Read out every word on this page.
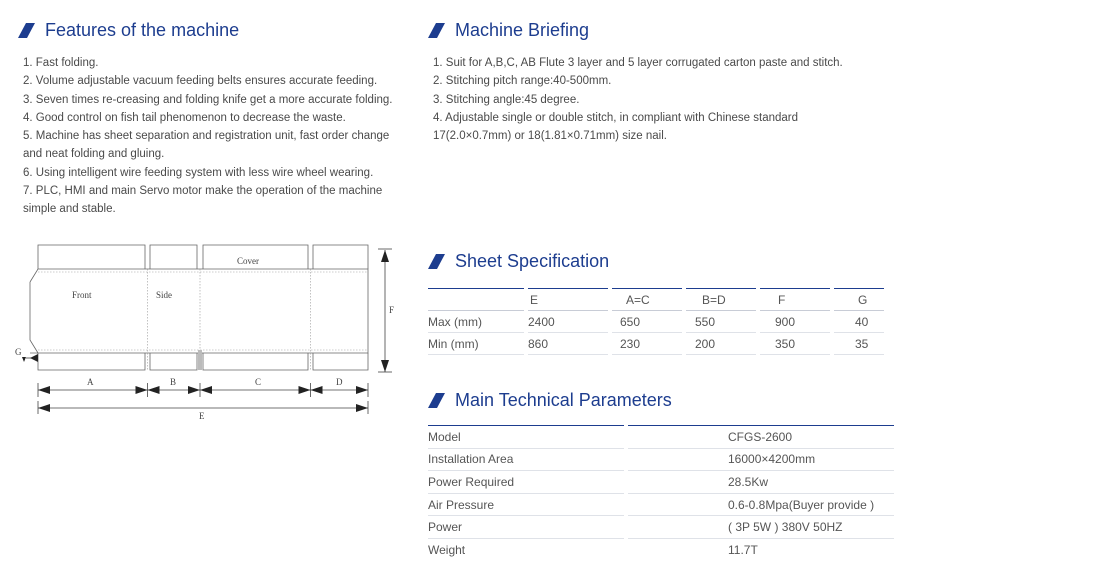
Features of the machine
1. Fast folding.
2. Volume adjustable vacuum feeding belts ensures accurate feeding.
3. Seven times re-creasing and folding knife get a more accurate folding.
4. Good control on fish tail phenomenon to decrease the waste.
5. Machine has sheet separation and registration unit, fast order change
and neat folding and gluing.
6. Using intelligent wire feeding system with less wire wheel wearing.
7. PLC, HMI and main Servo motor make the operation of the machine
simple and stable.
Machine Briefing
1. Suit for A,B,C, AB Flute 3 layer and 5 layer corrugated carton paste and stitch.
2. Stitching pitch range:40-500mm.
3. Stitching angle:45 degree.
4. Adjustable single or double stitch, in compliant with Chinese standard
17(2.0×0.7mm) or 18(1.81×0.71mm) size nail.
Front	Side
Cover
F
G
A	B	C	D
E
Sheet Specification
		E		A=C		B=D		F		G
Max (mm)		2400		650		550		900		40
Min (mm)		860		230		200		350		35
Main Technical Parameters
Model		CFGS-2600
Installation Area		16000×4200mm
Power Required		28.5Kw
Air Pressure		0.6-0.8Mpa(Buyer provide )
Power		( 3P 5W ) 380V 50HZ
Weight		11.7T
